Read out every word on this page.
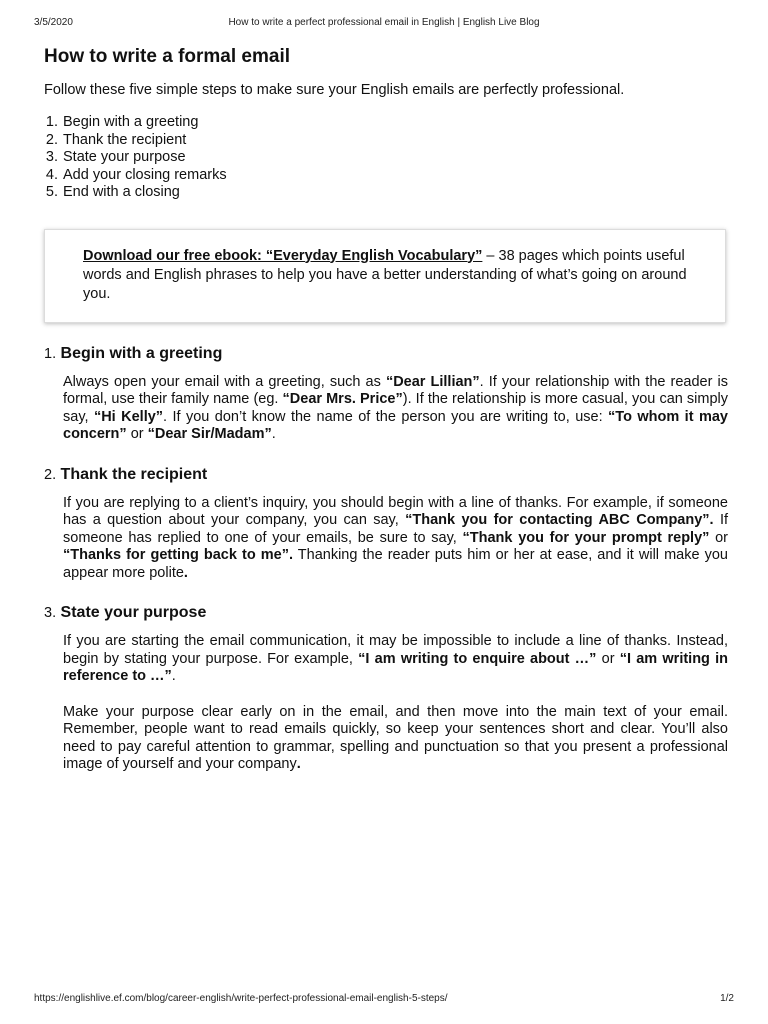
3/5/2020	How to write a perfect professional email in English | English Live Blog
How to write a formal email

Follow these five simple steps to make sure your English emails are perfectly professional.

1. Begin with a greeting
2. Thank the recipient
3. State your purpose
4. Add your closing remarks
5. End with a closing
Download our free ebook: “Everyday English Vocabulary” – 38 pages which points useful words and English phrases to help you have a better understanding of what’s going on around you.
1. Begin with a greeting

Always open your email with a greeting, such as “Dear Lillian”. If your relationship with the reader is formal, use their family name (eg. “Dear Mrs. Price”). If the relationship is more casual, you can simply say, “Hi Kelly”. If you don’t know the name of the person you are writing to, use: “To whom it may concern” or “Dear Sir/Madam”.

2. Thank the recipient

If you are replying to a client’s inquiry, you should begin with a line of thanks. For example, if someone has a question about your company, you can say, “Thank you for contacting ABC Company”. If someone has replied to one of your emails, be sure to say, “Thank you for your prompt reply” or “Thanks for getting back to me”. Thanking the reader puts him or her at ease, and it will make you appear more polite.

3. State your purpose

If you are starting the email communication, it may be impossible to include a line of thanks. Instead, begin by stating your purpose. For example, “I am writing to enquire about …” or “I am writing in reference to …”.

Make your purpose clear early on in the email, and then move into the main text of your email. Remember, people want to read emails quickly, so keep your sentences short and clear. You’ll also need to pay careful attention to grammar, spelling and punctuation so that you present a professional image of yourself and your company.

https://englishlive.ef.com/blog/career-english/write-perfect-professional-email-english-5-steps/	1/2
